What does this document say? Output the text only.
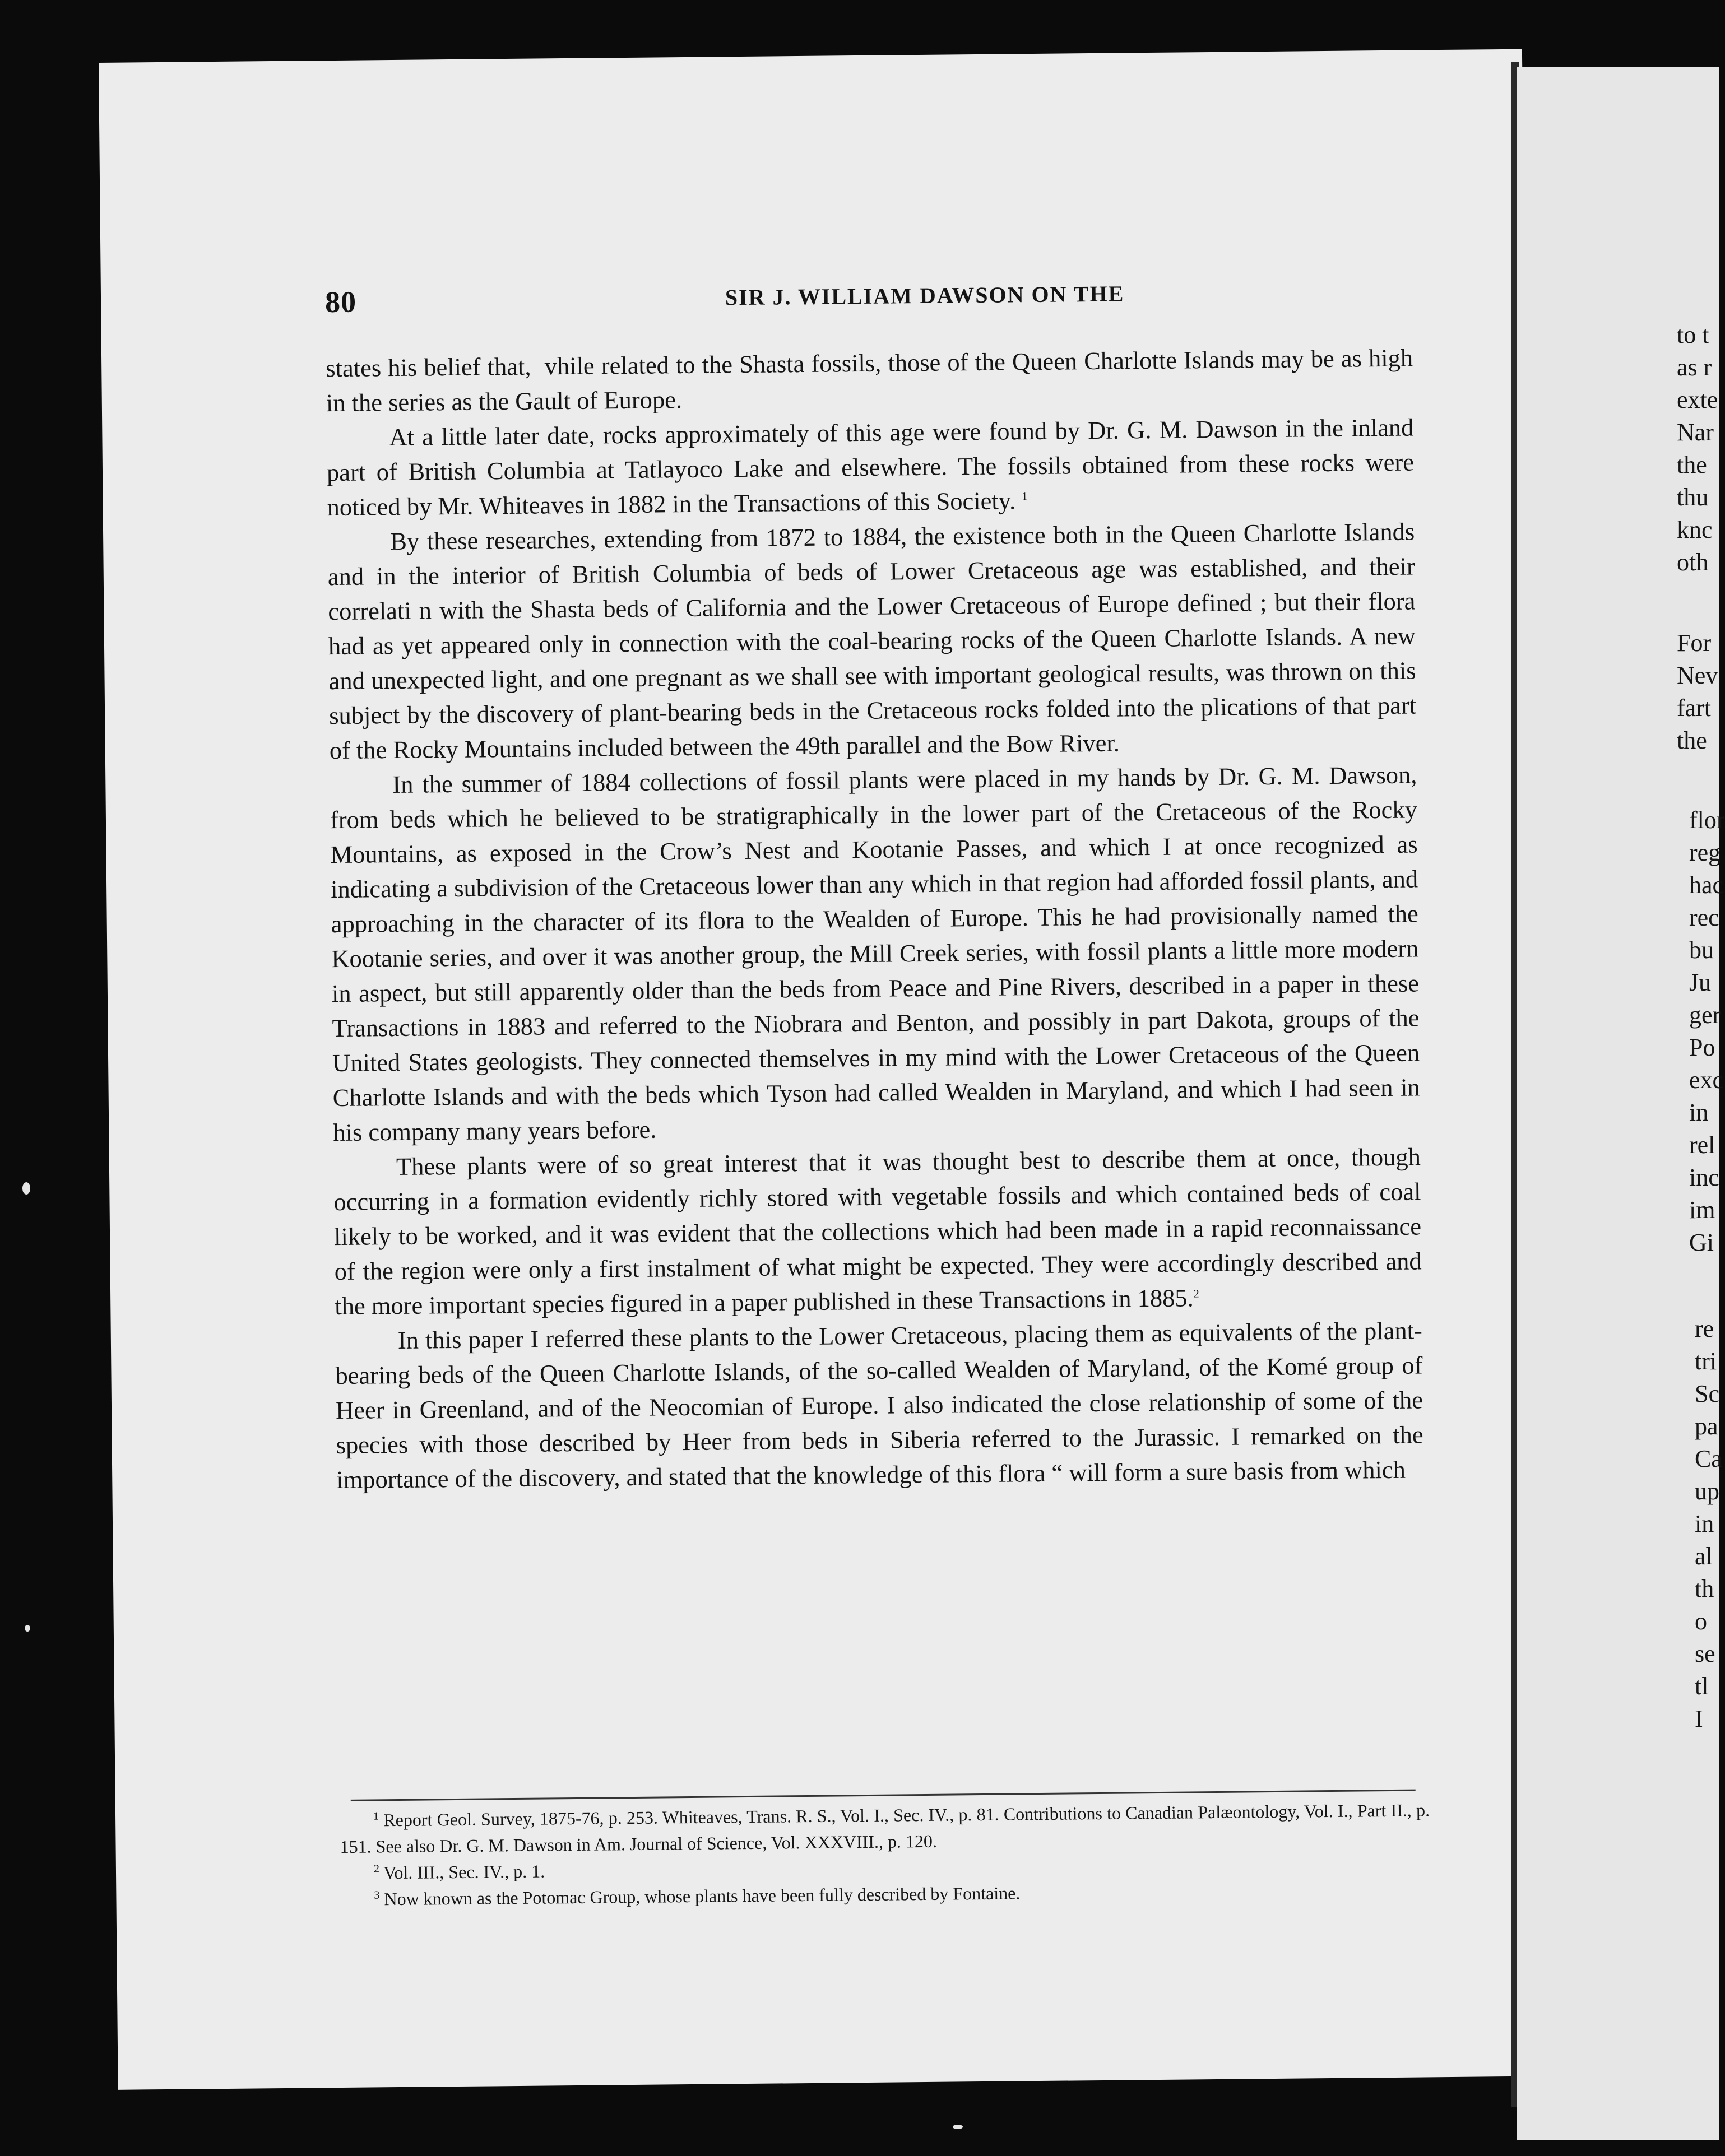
80	SIR J. WILLIAM DAWSON ON THE

states his belief that,  vhile related to the Shasta fossils, those of the Queen Charlotte Islands may be as high in the series as the Gault of Europe.

At a little later date, rocks approximately of this age were found by Dr. G. M. Dawson in the inland part of British Columbia at Tatlayoco Lake and elsewhere. The fossils obtained from these rocks were noticed by Mr. Whiteaves in 1882 in the Transactions of this Society. $^1$

By these researches, extending from 1872 to 1884, the existence both in the Queen Charlotte Islands and in the interior of British Columbia of beds of Lower Cretaceous age was established, and their correlati n with the Shasta beds of California and the Lower Cretaceous of Europe defined ; but their flora had as yet appeared only in connection with the coal-bearing rocks of the Queen Charlotte Islands. A new and unexpected light, and one pregnant as we shall see with important geological results, was thrown on this subject by the discovery of plant-bearing beds in the Cretaceous rocks folded into the plications of that part of the Rocky Mountains included between the 49th parallel and the Bow River.

In the summer of 1884 collections of fossil plants were placed in my hands by Dr. G. M. Dawson, from beds which he believed to be stratigraphically in the lower part of the Cretaceous of the Rocky Mountains, as exposed in the Crow’s Nest and Kootanie Passes, and which I at once recognized as indicating a subdivision of the Cretaceous lower than any which in that region had afforded fossil plants, and approaching in the character of its flora to the Wealden of Europe. This he had provisionally named the Kootanie series, and over it was another group, the Mill Creek series, with fossil plants a little more modern in aspect, but still apparently older than the beds from Peace and Pine Rivers, described in a paper in these Transactions in 1883 and referred to the Niobrara and Benton, and possibly in part Dakota, groups of the United States geologists. They connected themselves in my mind with the Lower Cretaceous of the Queen Charlotte Islands and with the beds which Tyson had called Wealden in Maryland, and which I had seen in his company many years before.

These plants were of so great interest that it was thought best to describe them at once, though occurring in a formation evidently richly stored with vegetable fossils and which contained beds of coal likely to be worked, and it was evident that the collections which had been made in a rapid reconnaissance of the region were only a first instalment of what might be expected. They were accordingly described and the more important species figured in a paper published in these Transactions in 1885.$^2$

In this paper I referred these plants to the Lower Cretaceous, placing them as equivalents of the plant-bearing beds of the Queen Charlotte Islands, of the so-called Wealden of Maryland, of the Komé group of Heer in Greenland, and of the Neocomian of Europe. I also indicated the close relationship of some of the species with those described by Heer from beds in Siberia referred to the Jurassic. I remarked on the importance of the discovery, and stated that the knowledge of this flora “ will form a sure basis from which

$^1$ Report Geol. Survey, 1875-76, p. 253. Whiteaves, Trans. R. S., Vol. I., Sec. IV., p. 81. Contributions to Canadian Palæontology, Vol. I., Part II., p. 151. See also Dr. G. M. Dawson in Am. Journal of Science, Vol. XXXVIII., p. 120.

$^2$ Vol. III., Sec. IV., p. 1.

$^3$ Now known as the Potomac Group, whose plants have been fully described by Fontaine.

to t
as r
exte
Nar
the
thu
knc
oth
For
Nev
fart
the
flor
reg
hac
rec
bu
Ju
ger
Po
exc
in
rel
inc
im
Gi
re
tri
Sc
pa
Ca
up
in
al
th
o
se
tl
I
